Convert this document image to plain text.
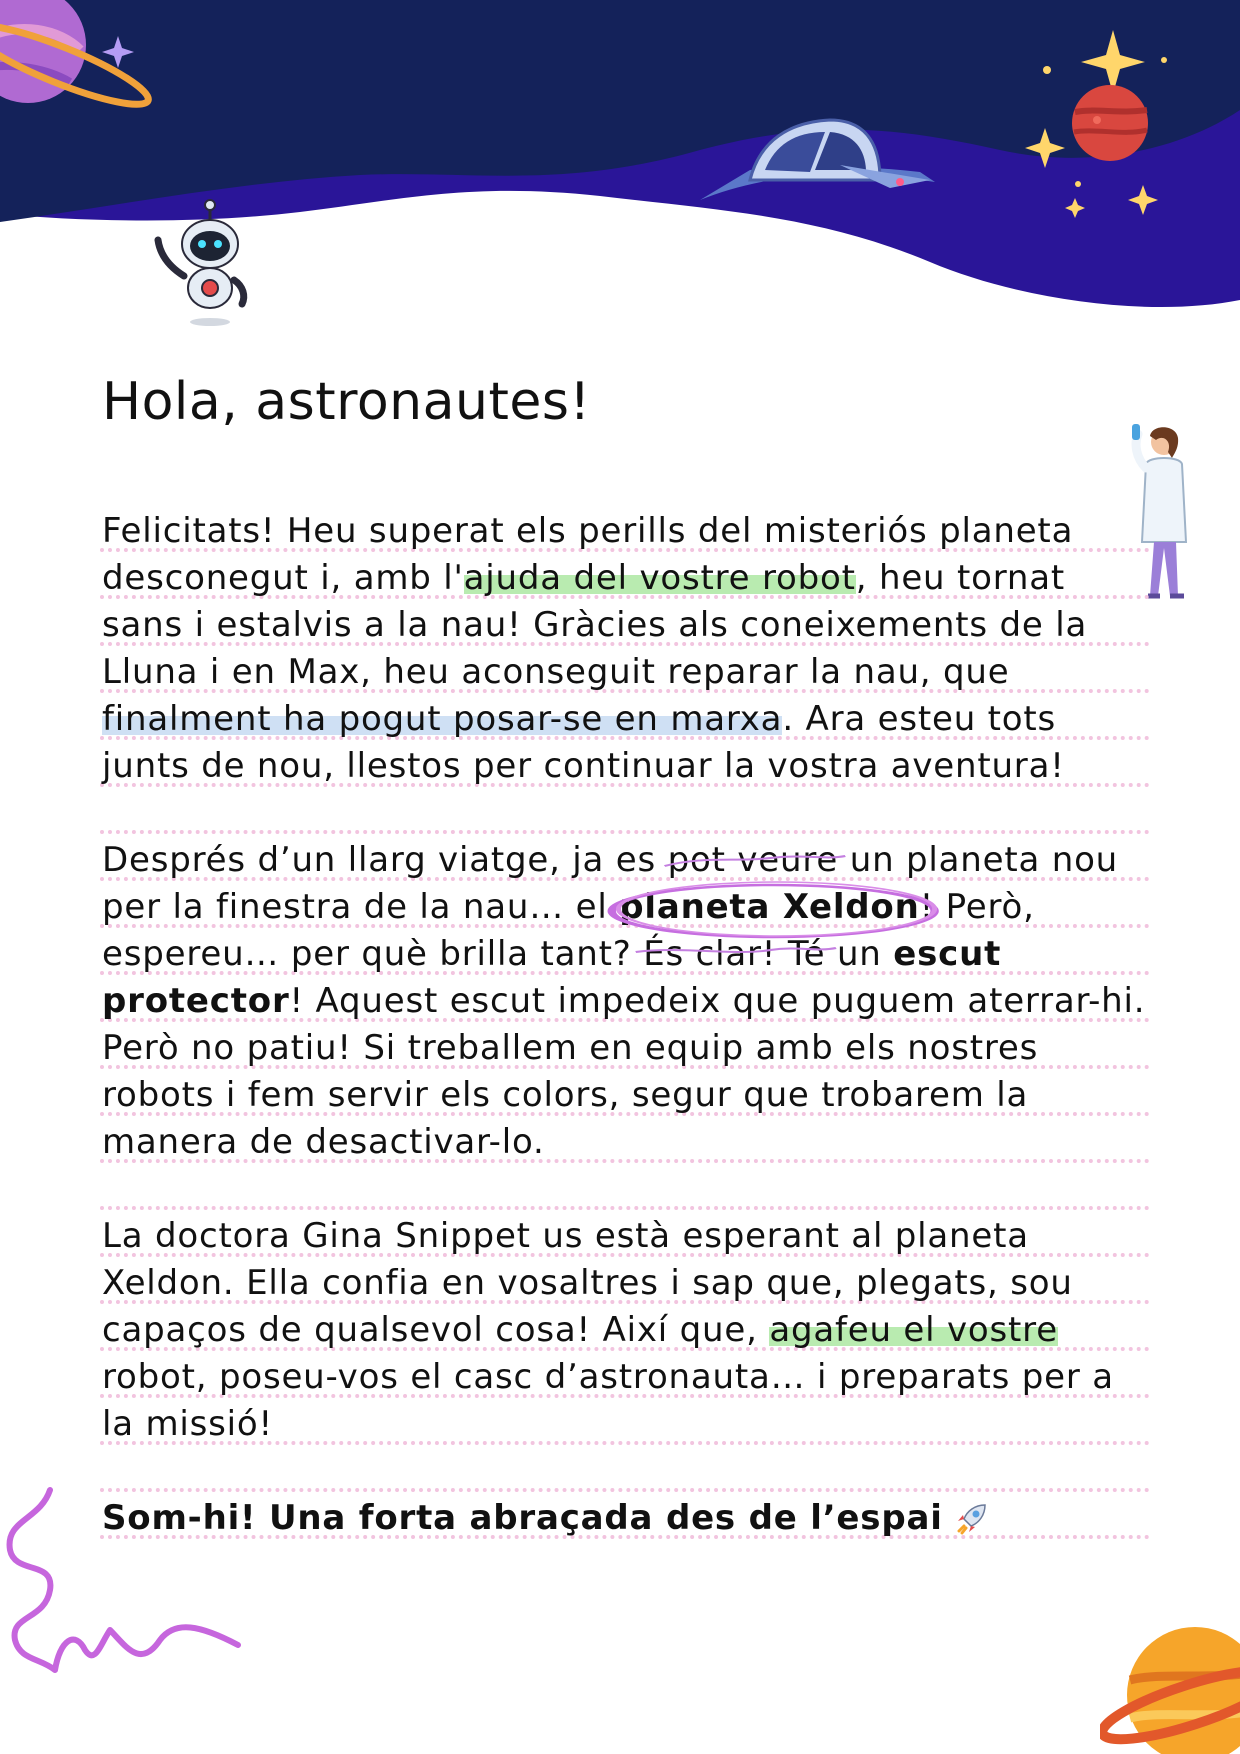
Hola, astronautes!

Felicitats! Heu superat els perills del misteriós planeta desconegut i, amb l'ajuda del vostre robot, heu tornat sans i estalvis a la nau! Gràcies als coneixements de la Lluna i en Max, heu aconseguit reparar la nau, que finalment ha pogut posar-se en marxa. Ara esteu tots junts de nou, llestos per continuar la vostra aventura!

Després d’un llarg viatge, ja es pot veure
un planeta nou per la finestra de la nau… el planeta Xeldon
! Però, espereu… per què brilla tant? És clar! Té
un escut protector! Aquest escut impedeix que puguem aterrar-hi. Però no patiu! Si treballem en equip amb els nostres robots i fem servir els colors, segur que trobarem la manera de desactivar-lo.

La doctora Gina Snippet us està esperant al planeta Xeldon. Ella confia en vosaltres i sap que, plegats, sou capaços de qualsevol cosa! Així que, agafeu el vostre robot, poseu-vos el casc d’astronauta… i preparats per a la missió!

Som-hi! Una forta abraçada des de l’espai
